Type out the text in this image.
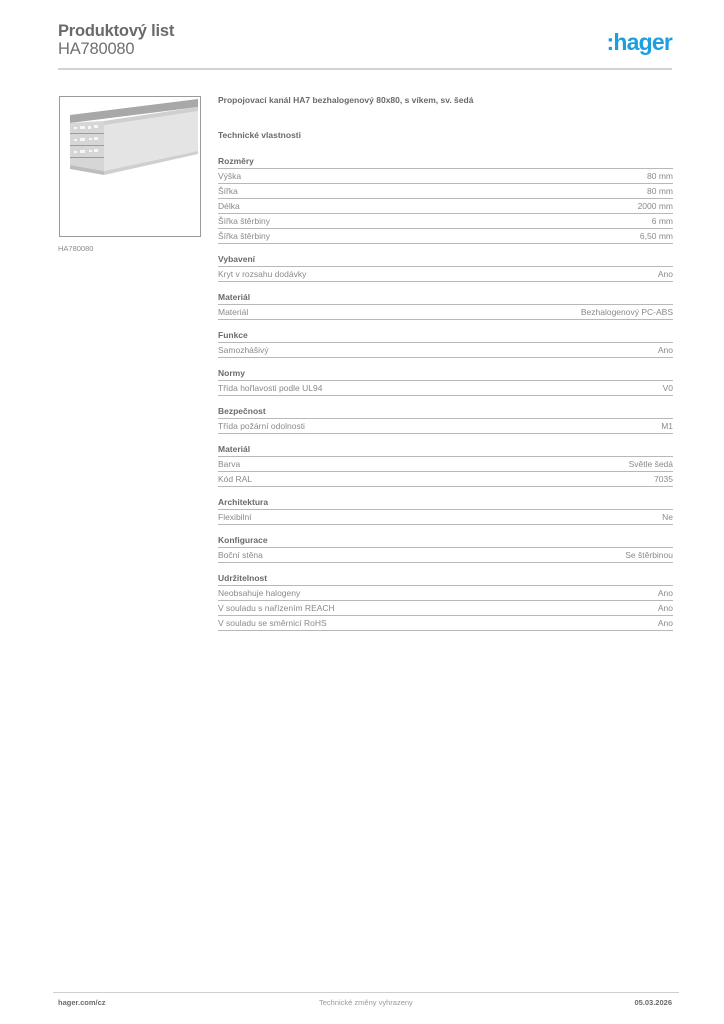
Produktový list
HA780080	:hager
HA780080
Propojovací kanál HA7 bezhalogenový 80x80, s víkem, sv. šedá
Technické vlastnosti
Rozměry
Výška	80 mm
Šířka	80 mm
Délka	2000 mm
Šířka štěrbiny	6 mm
Šířka štěrbiny	6,50 mm
Vybavení
Kryt v rozsahu dodávky	Ano
Materiál
Materiál	Bezhalogenový PC-ABS
Funkce
Samozhášivý	Ano
Normy
Třída hořlavosti podle UL94	V0
Bezpečnost
Třída požární odolnosti	M1
Materiál
Barva	Světle šedá
Kód RAL	7035
Architektura
Flexibilní	Ne
Konfigurace
Boční stěna	Se štěrbinou
Udržitelnost
Neobsahuje halogeny	Ano
V souladu s nařízením REACH	Ano
V souladu se směrnicí RoHS	Ano
hager.com/cz	Technické změny vyhrazeny	05.03.2026
